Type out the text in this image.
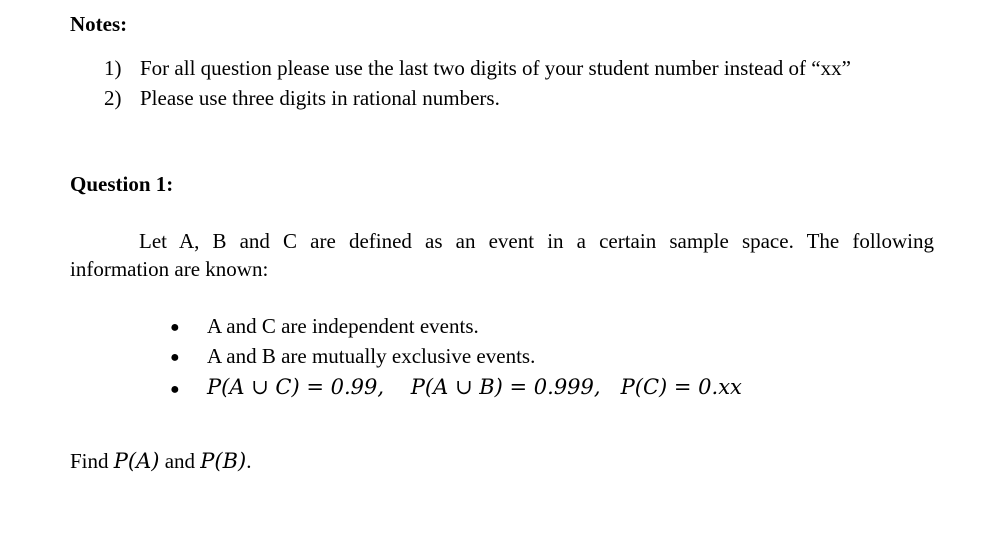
Notes:
1) For all question please use the last two digits of your student number instead of “xx”
2) Please use three digits in rational numbers.
Question 1:
Let A, B and C are defined as an event in a certain sample space. The following
information are known:
● A and C are independent events.
● A and B are mutually exclusive events.
● P(A ∪ C) = 0.99, P(A ∪ B) = 0.999, P(C) = 0.xx
Find P(A) and P(B).
